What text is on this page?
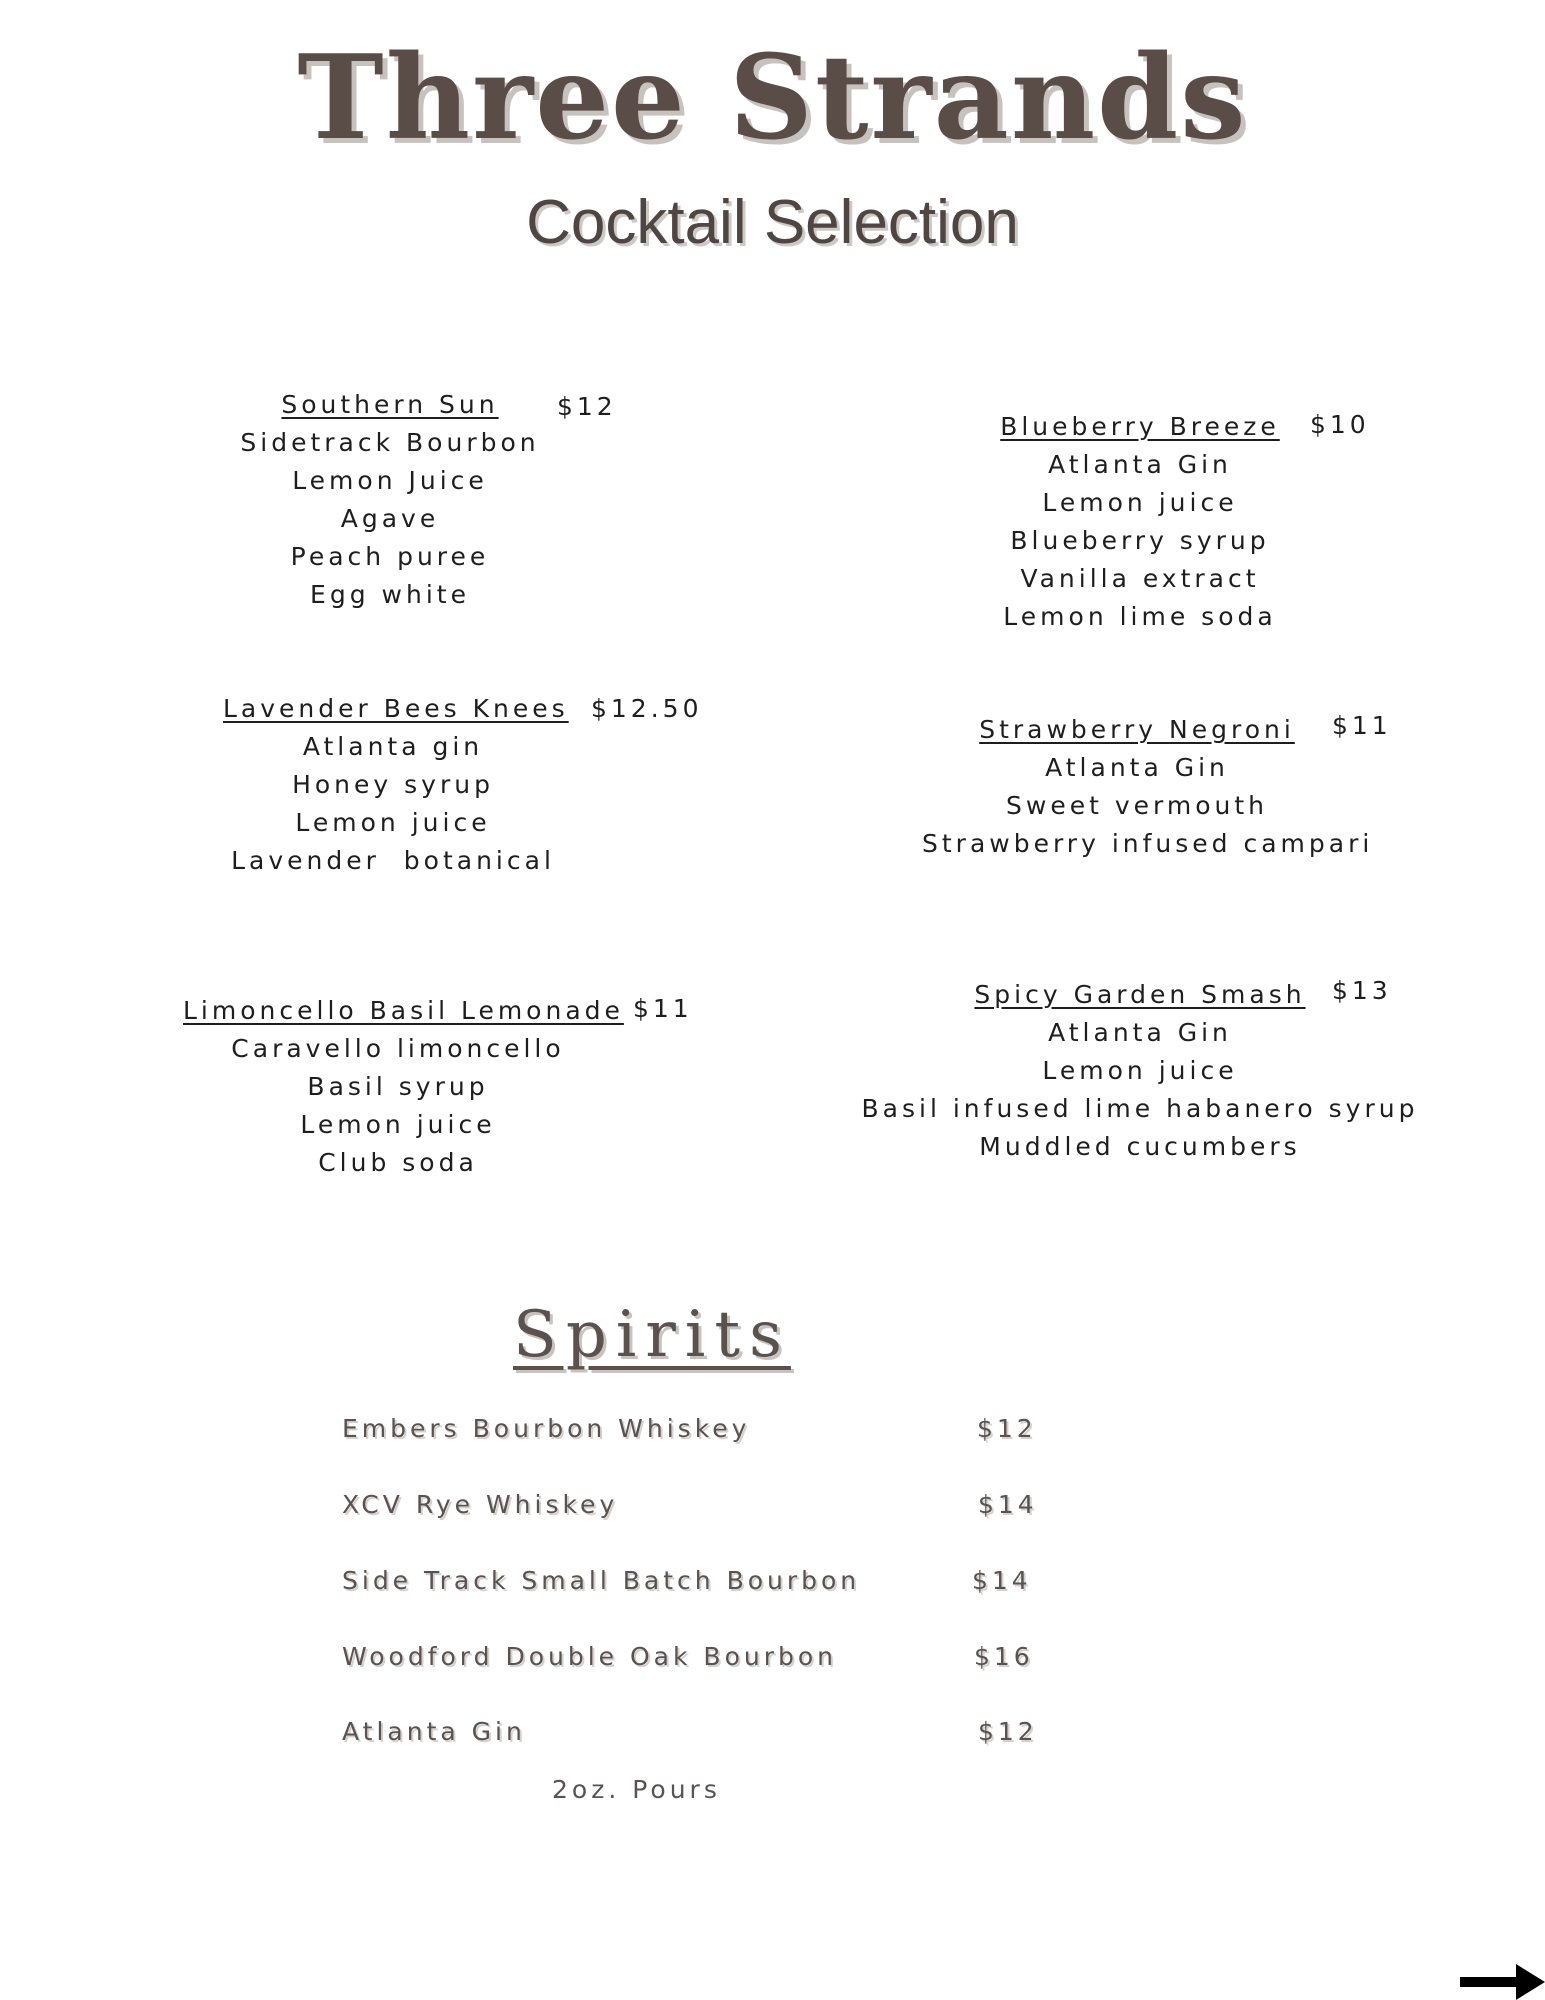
Three Strands
Cocktail Selection
Southern Sun	$12
Sidetrack Bourbon
Lemon Juice
Agave
Peach puree
Egg white
Blueberry Breeze	$10
Atlanta Gin
Lemon juice
Blueberry syrup
Vanilla extract
Lemon lime soda
Lavender Bees Knees $12.50
Atlanta gin
Honey syrup
Lemon juice
Lavender  botanical
Strawberry Negroni	$11
Atlanta Gin
Sweet vermouth
Strawberry infused campari
Limoncello Basil Lemonade $11
Caravello limoncello
Basil syrup
Lemon juice
Club soda
Spicy Garden Smash	$13
Atlanta Gin
Lemon juice
Basil infused lime habanero syrup
Muddled cucumbers
Spirits
Embers Bourbon Whiskey	$12
XCV Rye Whiskey	$14
Side Track Small Batch Bourbon	$14
Woodford Double Oak Bourbon	$16
Atlanta Gin	$12
2oz. Pours
